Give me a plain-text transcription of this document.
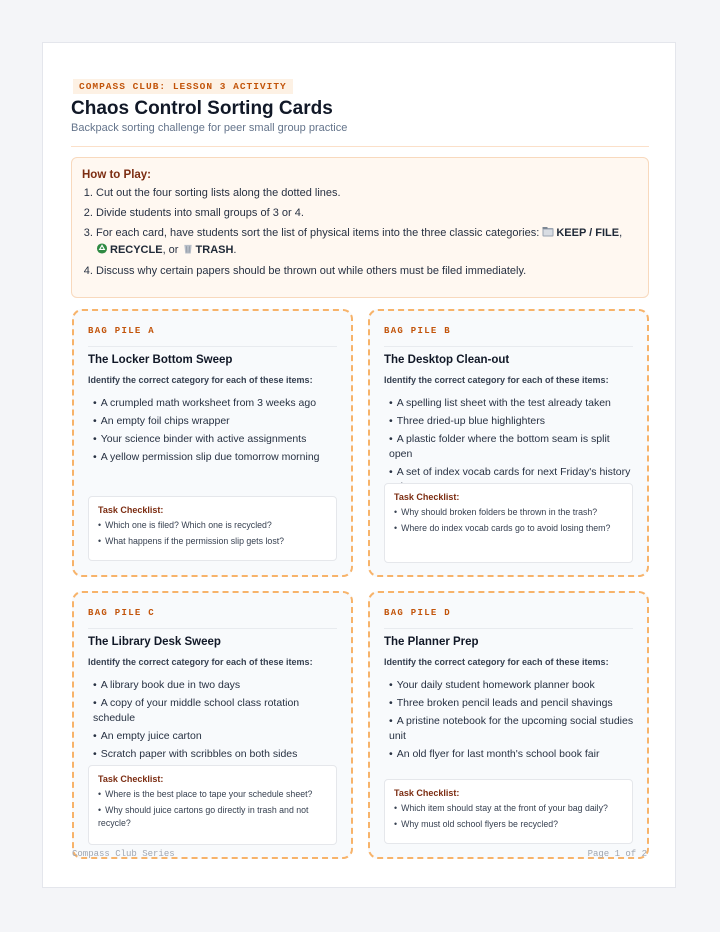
COMPASS CLUB: LESSON 3 ACTIVITY
Chaos Control Sorting Cards
Backpack sorting challenge for peer small group practice
How to Play:
1. Cut out the four sorting lists along the dotted lines.
2. Divide students into small groups of 3 or 4.
3. For each card, have students sort the list of physical items into the three classic categories: KEEP / FILE,
RECYCLE, or TRASH.
4. Discuss why certain papers should be thrown out while others must be filed immediately.
BAG PILE A
The Locker Bottom Sweep
Identify the correct category for each of these items:
• A crumpled math worksheet from 3 weeks ago
• An empty foil chips wrapper
• Your science binder with active assignments
• A yellow permission slip due tomorrow morning
Task Checklist:
• Which one is filed? Which one is recycled?
• What happens if the permission slip gets lost?
BAG PILE B
The Desktop Clean-out
Identify the correct category for each of these items:
• A spelling list sheet with the test already taken
• Three dried-up blue highlighters
• A plastic folder where the bottom seam is split open
• A set of index vocab cards for next Friday's history
Task Checklist:
• Why should broken folders be thrown in the trash?
• Where do index vocab cards go to avoid losing them?
BAG PILE C
The Library Desk Sweep
Identify the correct category for each of these items:
• A library book due in two days
• A copy of your middle school class rotation schedule
• An empty juice carton
• Scratch paper with scribbles on both sides
Task Checklist:
• Where is the best place to tape your schedule sheet?
• Why should juice cartons go directly in trash and not recycle?
BAG PILE D
The Planner Prep
Identify the correct category for each of these items:
• Your daily student homework planner book
• Three broken pencil leads and pencil shavings
• A pristine notebook for the upcoming social studies unit
• An old flyer for last month's school book fair
Task Checklist:
• Which item should stay at the front of your bag daily?
• Why must old school flyers be recycled?
Compass Club Series	Page 1 of 2
